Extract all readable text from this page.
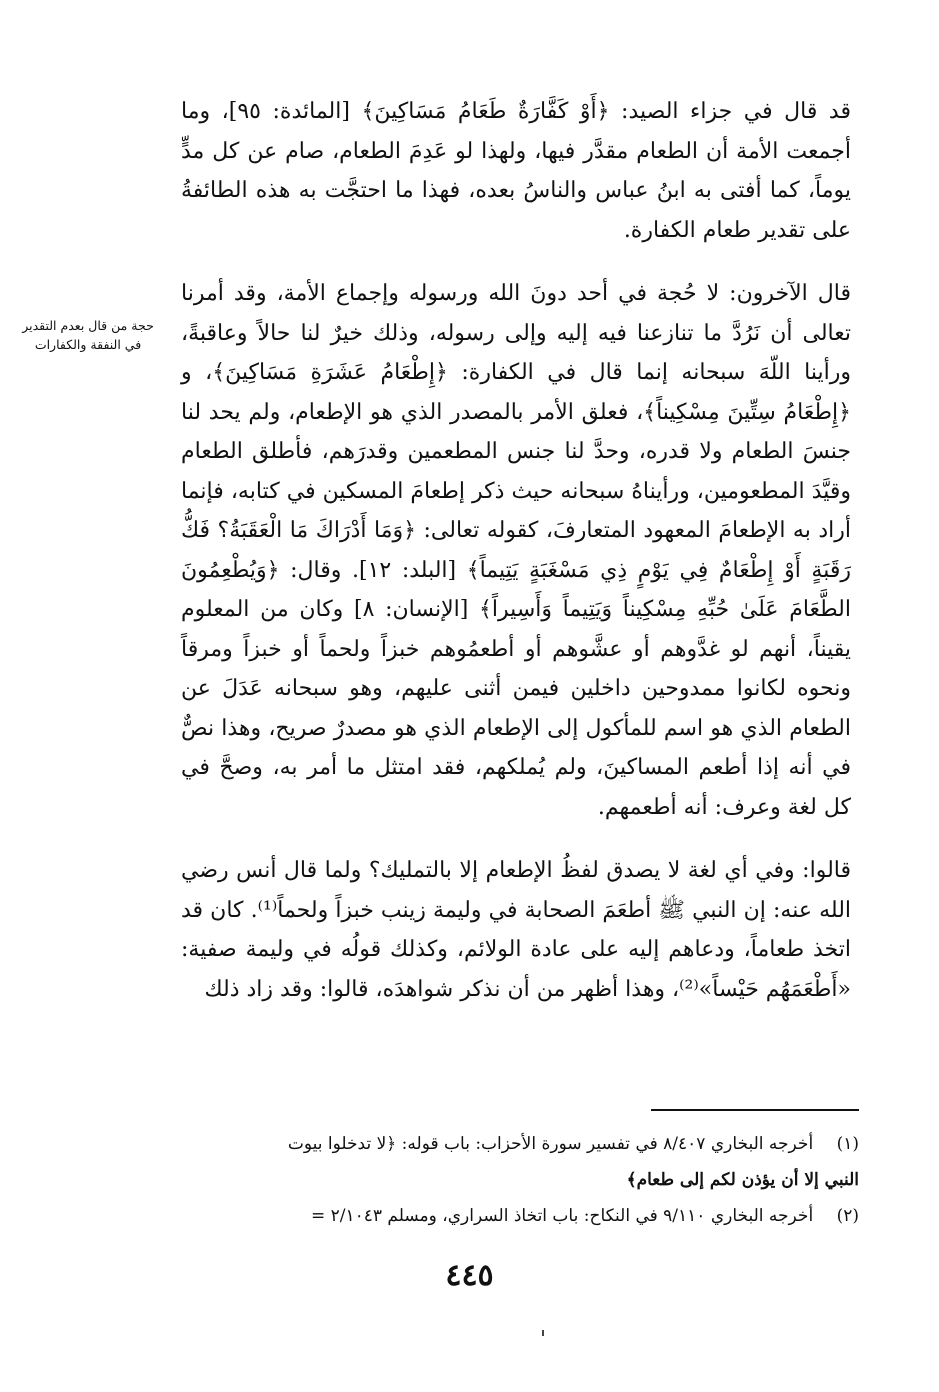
قد قال في جزاء الصيد: ﴿أَوْ كَفَّارَةٌ طَعَامُ مَسَاكِينَ﴾ [المائدة: ٩٥]، وما أجمعت الأمة أن الطعام مقدَّر فيها، ولهذا لو عَدِمَ الطعام، صام عن كل مدٍّ يوماً، كما أفتى به ابنُ عباس والناسُ بعده، فهذا ما احتجَّت به هذه الطائفةُ على تقدير طعام الكفارة.

قال الآخرون: لا حُجة في أحد دونَ الله ورسوله وإجماع الأمة، وقد أمرنا تعالى أن نَرُدَّ ما تنازعنا فيه إليه وإلى رسوله، وذلك خيرٌ لنا حالاً وعاقبةً، ورأينا اللّهَ سبحانه إنما قال في الكفارة: ﴿إِطْعَامُ عَشَرَةِ مَسَاكِينَ﴾، و ﴿إِطْعَامُ سِتِّينَ مِسْكِيناً﴾، فعلق الأمر بالمصدر الذي هو الإطعام، ولم يحد لنا جنسَ الطعام ولا قدره، وحدَّ لنا جنس المطعمين وقدرَهم، فأطلق الطعام وقيَّدَ المطعومين، ورأيناهُ سبحانه حيث ذكر إطعامَ المسكين في كتابه، فإنما أراد به الإطعامَ المعهود المتعارفَ، كقوله تعالى: ﴿وَمَا أَدْرَاكَ مَا الْعَقَبَةُ؟ فَكُّ رَقَبَةٍ أَوْ إِطْعَامٌ فِي يَوْمٍ ذِي مَسْغَبَةٍ يَتِيماً﴾ [البلد: ١٢]. وقال: ﴿وَيُطْعِمُونَ الطَّعَامَ عَلَىٰ حُبِّهِ مِسْكِيناً وَيَتِيماً وَأَسِيراً﴾ [الإنسان: ٨] وكان من المعلوم يقيناً، أنهم لو غدَّوهم أو عشَّوهم أو أطعمُوهم خبزاً ولحماً أو خبزاً ومرقاً ونحوه لكانوا ممدوحين داخلين فيمن أثنى عليهم، وهو سبحانه عَدَلَ عن الطعام الذي هو اسم للمأكول إلى الإطعام الذي هو مصدرٌ صريح، وهذا نصٌّ في أنه إذا أطعم المساكينَ، ولم يُملكهم، فقد امتثل ما أمر به، وصحَّ في كل لغة وعرف: أنه أطعمهم.

قالوا: وفي أي لغة لا يصدق لفظُ الإطعام إلا بالتمليك؟ ولما قال أنس رضي الله عنه: إن النبي ﷺ أطعَمَ الصحابة في وليمة زينب خبزاً ولحماً⁽¹⁾. كان قد اتخذ طعاماً، ودعاهم إليه على عادة الولائم، وكذلك قولُه في وليمة صفية: «أَطْعَمَهُم حَيْساً»⁽²⁾، وهذا أظهر من أن نذكر شواهدَه، قالوا: وقد زاد ذلك

حجة من قال بعدم التقدير في النفقة والكفارات

(١) أخرجه البخاري ٨/٤٠٧ في تفسير سورة الأحزاب: باب قوله: ﴿لا تدخلوا بيوت

النبي إلا أن يؤذن لكم إلى طعام﴾

(٢) أخرجه البخاري ٩/١١٠ في النكاح: باب اتخاذ السراري، ومسلم ٢/١٠٤٣ =

٤٤٥
